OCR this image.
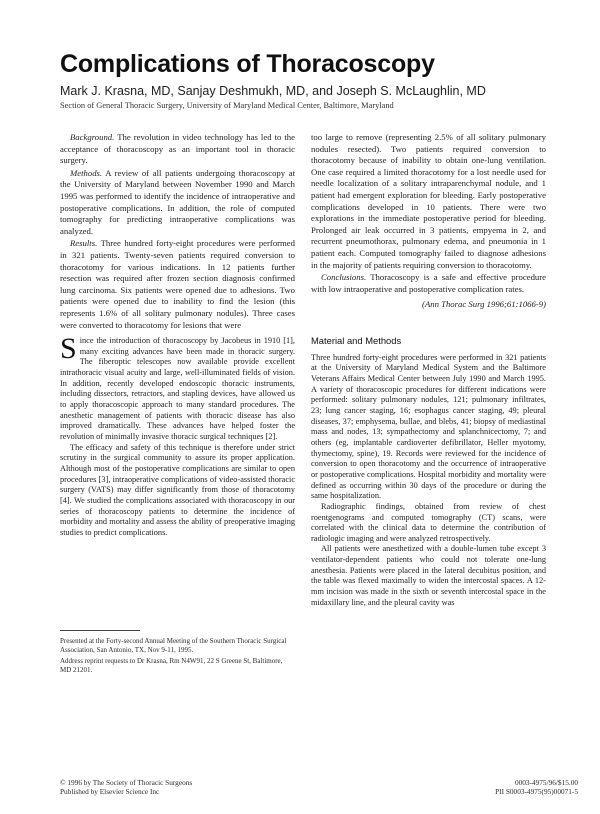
Complications of Thoracoscopy
Mark J. Krasna, MD, Sanjay Deshmukh, MD, and Joseph S. McLaughlin, MD
Section of General Thoracic Surgery, University of Maryland Medical Center, Baltimore, Maryland

Background. The revolution in video technology has led to the acceptance of thoracoscopy as an important tool in thoracic surgery.

Methods. A review of all patients undergoing thoracoscopy at the University of Maryland between November 1990 and March 1995 was performed to identify the incidence of intraoperative and postoperative complications. In addition, the role of computed tomography for predicting intraoperative complications was analyzed.

Results. Three hundred forty-eight procedures were performed in 321 patients. Twenty-seven patients required conversion to thoracotomy for various indications. In 12 patients further resection was required after frozen section diagnosis confirmed lung carcinoma. Six patients were opened due to adhesions. Two patients were opened due to inability to find the lesion (this represents 1.6% of all solitary pulmonary nodules). Three cases were converted to thoracotomy for lesions that were

too large to remove (representing 2.5% of all solitary pulmonary nodules resected). Two patients required conversion to thoracotomy because of inability to obtain one-lung ventilation. One case required a limited thoracotomy for a lost needle used for needle localization of a solitary intraparenchymal nodule, and 1 patient had emergent exploration for bleeding. Early postoperative complications developed in 10 patients. There were two explorations in the immediate postoperative period for bleeding. Prolonged air leak occurred in 3 patients, empyema in 2, and recurrent pneumothorax, pulmonary edema, and pneumonia in 1 patient each. Computed tomography failed to diagnose adhesions in the majority of patients requiring conversion to thoracotomy.

Conclusions. Thoracoscopy is a safe and effective procedure with low intraoperative and postoperative complication rates.

(Ann Thorac Surg 1996;61:1066-9)

Since the introduction of thoracoscopy by Jacobeus in 1910 [1], many exciting advances have been made in thoracic surgery. The fiberoptic telescopes now available provide excellent intrathoracic visual acuity and large, well-illuminated fields of vision. In addition, recently developed endoscopic thoracic instruments, including dissectors, retractors, and stapling devices, have allowed us to apply thoracoscopic approach to many standard procedures. The anesthetic management of patients with thoracic disease has also improved dramatically. These advances have helped foster the revolution of minimally invasive thoracic surgical techniques [2].

The efficacy and safety of this technique is therefore under strict scrutiny in the surgical community to assure its proper application. Although most of the postoperative complications are similar to open procedures [3], intraoperative complications of video-assisted thoracic surgery (VATS) may differ significantly from those of thoracotomy [4]. We studied the complications associated with thoracoscopy in our series of thoracoscopy patients to determine the incidence of morbidity and mortality and assess the ability of preoperative imaging studies to predict complications.

Presented at the Forty-second Annual Meeting of the Southern Thoracic Surgical Association, San Antonio, TX, Nov 9-11, 1995.

Address reprint requests to Dr Krasna, Rm N4W91, 22 S Greene St, Baltimore, MD 21201.

Material and Methods

Three hundred forty-eight procedures were performed in 321 patients at the University of Maryland Medical System and the Baltimore Veterans Affairs Medical Center between July 1990 and March 1995. A variety of thoracoscopic procedures for different indications were performed: solitary pulmonary nodules, 121; pulmonary infiltrates, 23; lung cancer staging, 16; esophagus cancer staging, 49; pleural diseases, 37; emphysema, bullae, and blebs, 41; biopsy of mediastinal mass and nodes, 13; sympathectomy and splanchnicectomy, 7; and others (eg, implantable cardioverter defibrillator, Heller myotomy, thymectomy, spine), 19. Records were reviewed for the incidence of conversion to open thoracotomy and the occurrence of intraoperative or postoperative complications. Hospital morbidity and mortality were defined as occurring within 30 days of the procedure or during the same hospitalization.

Radiographic findings, obtained from review of chest roentgenograms and computed tomography (CT) scans, were correlated with the clinical data to determine the contribution of radiologic imaging and were analyzed retrospectively.

All patients were anesthetized with a double-lumen tube except 3 ventilator-dependent patients who could not tolerate one-lung anesthesia. Patients were placed in the lateral decubitus position, and the table was flexed maximally to widen the intercostal spaces. A 12-mm incision was made in the sixth or seventh intercostal space in the midaxillary line, and the pleural cavity was

© 1996 by The Society of Thoracic Surgeons
Published by Elsevier Science Inc
0003-4975/96/$15.00
PII S0003-4975(95)00071-5
